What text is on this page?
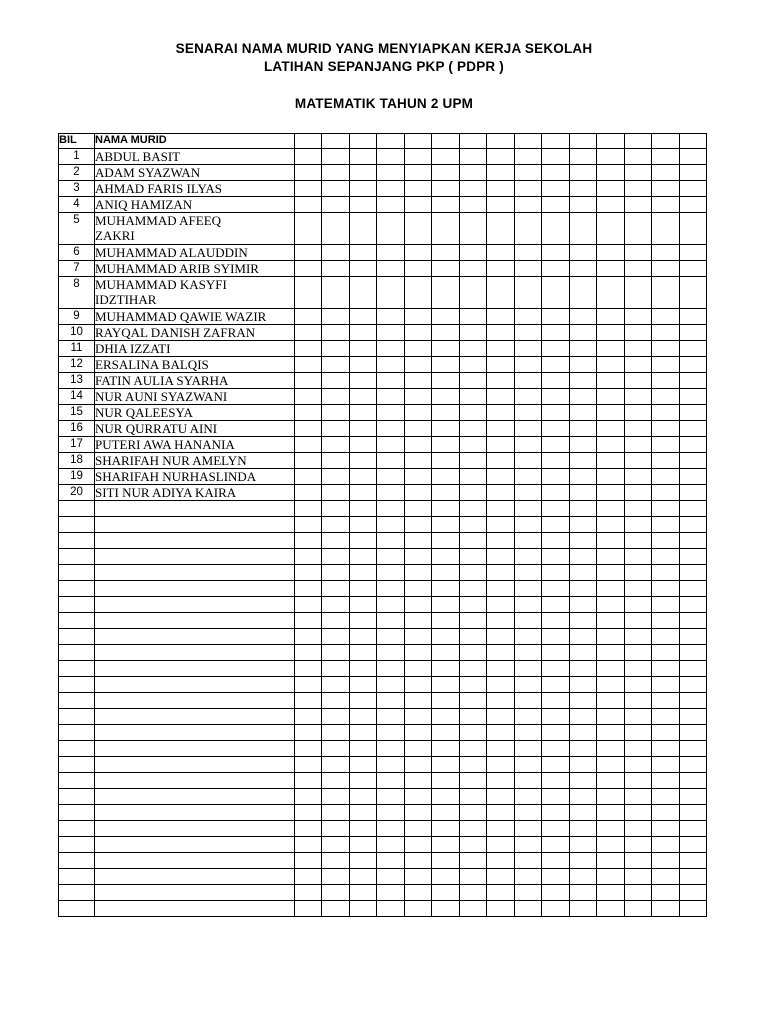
SENARAI NAMA MURID YANG MENYIAPKAN KERJA SEKOLAH
LATIHAN SEPANJANG PKP ( PDPR )
MATEMATIK TAHUN 2 UPM
BIL	NAMA MURID															
1	ABDUL BASIT															
2	ADAM SYAZWAN															
3	AHMAD FARIS ILYAS															
4	ANIQ HAMIZAN															
5	MUHAMMAD AFEEQ
ZAKRI															

6	MUHAMMAD ALAUDDIN															
7	MUHAMMAD ARIB SYIMIR															
8	MUHAMMAD KASYFI
IDZTIHAR															

9	MUHAMMAD QAWIE WAZIR															
10	RAYQAL DANISH ZAFRAN															
11	DHIA IZZATI															
12	ERSALINA BALQIS															
13	FATIN AULIA SYARHA															
14	NUR AUNI SYAZWANI															
15	NUR QALEESYA															
16	NUR QURRATU AINI															
17	PUTERI AWA HANANIA															
18	SHARIFAH NUR AMELYN															
19	SHARIFAH NURHASLINDA															
20	SITI NUR ADIYA KAIRA															
